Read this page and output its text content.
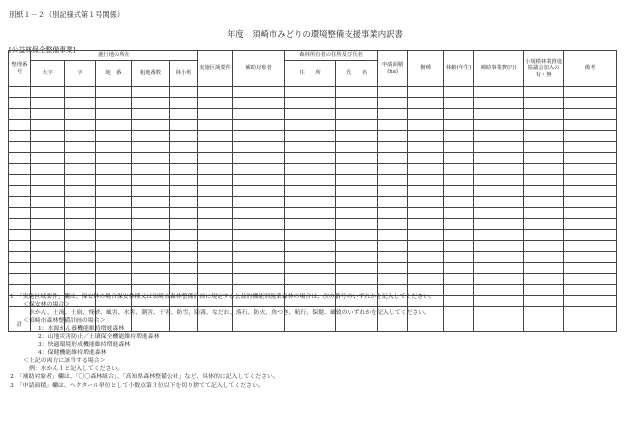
別紙１－２（別記様式第１号関係）
年度　須崎市みどりの環境整備支援事業内訳書
[公益林保全整備事業]
整理番号	施行地の所在					実施区域要件	補助対象者	森林所有者の住所及び氏名		申請面積(ha)	樹種	林齢(年生)	補助事業費(円)	小規模林業推進協議会加入の有・無	備考
	大字	字	地　番	租地番数	林小班			住　　所	氏　　名						

計															
1　「実施区域要件」欄は、保安林の場合保安林種又は須崎市森林整備計画に規定する公益的機能別施業森林の場合は、次の番号のいずれかを記入してください。
＜保安林の場合＞
水かん、土流、土崩、飛砂、風害、水害、潮害、干害、防雪、防霧、なだれ、落石、防火、魚つき、航行、保健、風致のいずれかを記入してください。
＜須崎市森林整備計画の場合＞
1：水源かん養機能維持増進森林
2：山地災害防止／土壌保全機能維持増進森林
3：快適環境形成機能維持増進森林
4：保健機能維持増進森林
＜上記の両方に該当する場合＞
例：水かん１と記入してください。
2　「補助対象者」欄は、「〇〇森林組合」、「高知県森林整備公社」など、具体的に記入してください。
3　「申請面積」欄は、ヘクタール単位として小数点第３位以下を切り捨てて記入してください。
